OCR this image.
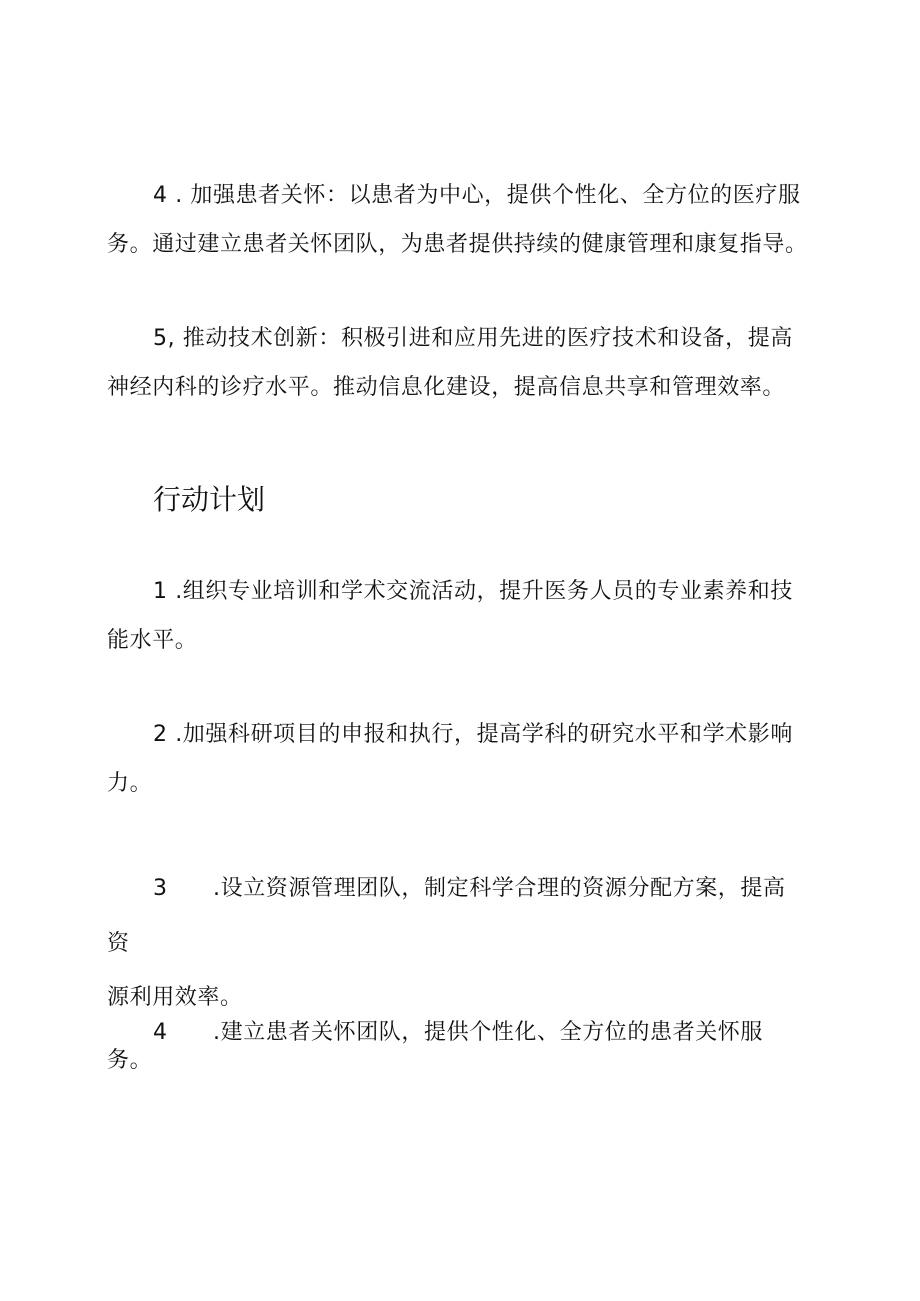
4 . 加强患者关怀：以患者为中心，提供个性化、全方位的医疗服
务。通过建立患者关怀团队，为患者提供持续的健康管理和康复指导。
5, 推动技术创新：积极引进和应用先进的医疗技术和设备，提高
神经内科的诊疗水平。推动信息化建设，提高信息共享和管理效率。
行动计划
1 .组织专业培训和学术交流活动，提升医务人员的专业素养和技
能水平。
2 .加强科研项目的申报和执行，提高学科的研究水平和学术影响
力。
3 .设立资源管理团队，制定科学合理的资源分配方案，提高
资
源利用效率。
4 .建立患者关怀团队，提供个性化、全方位的患者关怀服
务。
